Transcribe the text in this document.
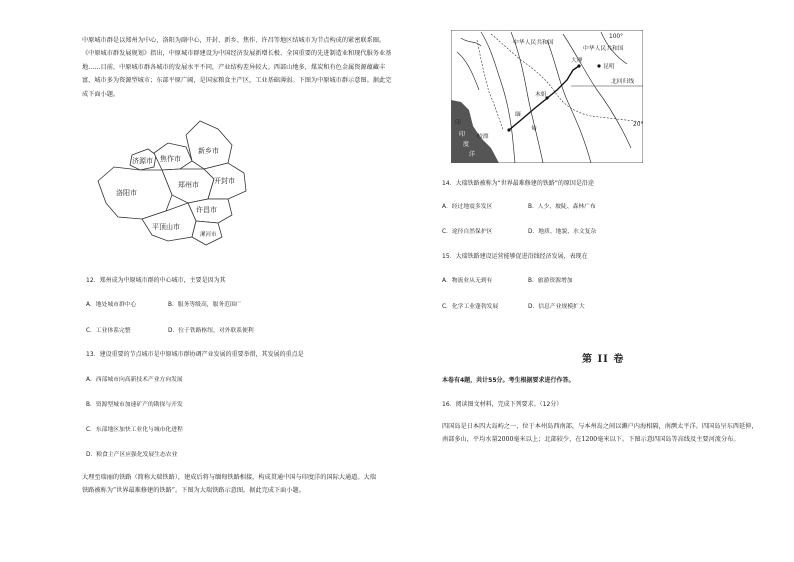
中原城市群是以郑州为中心，洛阳为副中心，开封、新乡、焦作、许昌等地区结城市为节点构成的紧密联系圈。《中原城市群发展规划》指出，中原城市群建设为中国经济发展新增长极、全国重要的先进制造业和现代服务业基地……目前，中原城市群各城市的发展水平不同，产业结构差异较大。西部山地多，煤炭和有色金属资源蕴藏丰富，城市多为资源型城市；东部平原广阔，是国家粮食主产区，工业基础薄弱。下图为中原城市群示意图。据此完成下面小题。
济源市 焦作市
新乡市
郑州市 开封市
洛阳市
许昌市
平顶山市
漯河市
12．郑州成为中原城市群的中心城市，主要是因为其
A．地处城市群中心	B．服务等级高，服务范围广
C．工业体系完整	D．位于铁路枢纽，对外联系便利
13．建设重要的节点城市是中原城市群协调产业发展的重要举措，其发展的重点是
A．西部城市向高新技术产业方向发展
B．资源型城市加速矿产的勘探与开发
C．东部地区加快工业化与城市化进程
D．粮食主产区应强化发展生态农业
大理至瑞丽的铁路（简称大瑞铁路），建成后将与缅甸铁路相接，构成贯通中国与印度洋的国际大通道。大瑞铁路被称为“世界最难修建的铁路”。下图为大瑞铁路示意图。据此完成下面小题。
中华人民共和国
中华人民共和国
大理
昆明
北回归线
木姐
缅
甸
皎漂
100°
20°
印
印
度
洋
14．大瑞铁路被称为“世界最难修建的铁路”的原因是沿途
A．经过地震多发区	B．人少、坡陡、森林广布
C．途径自然保护区	D．地质、地貌、水文复杂
15．大瑞铁路建设运营能够促进沿线经济发展，表现在
A．物流业从无到有	B．旅游资源增加
C．化学工业蓬勃发展	D．信息产业规模扩大
第 II 卷
本卷有4题，共计55分。考生根据要求进行作答。
16．阅读图文材料，完成下列要求。（12分）
四国岛是日本四大岛屿之一，位于本州岛西南部，与本州岛之间以濑户内海相隔，南濒太平洋。四国岛呈东西延伸，南部多山，平均水量2000毫米以上；北部较少，在1200毫米以下。下图示意四国岛等高线及主要河流分布。
